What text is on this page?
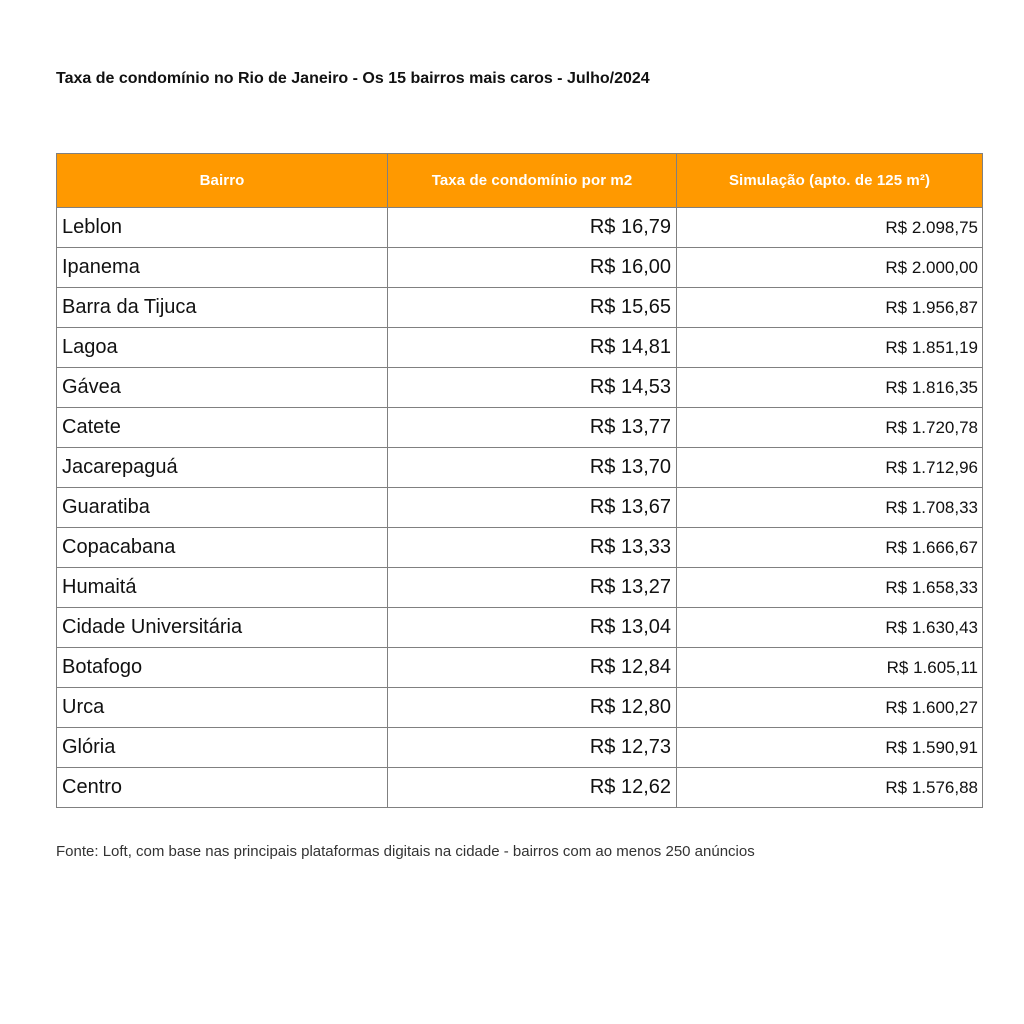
Taxa de condomínio no Rio de Janeiro - Os 15 bairros mais caros - Julho/2024
Bairro	Taxa de condomínio por m2	Simulação (apto. de 125 m²)
Leblon	R$ 16,79	R$ 2.098,75
Ipanema	R$ 16,00	R$ 2.000,00
Barra da Tijuca	R$ 15,65	R$ 1.956,87
Lagoa	R$ 14,81	R$ 1.851,19
Gávea	R$ 14,53	R$ 1.816,35
Catete	R$ 13,77	R$ 1.720,78
Jacarepaguá	R$ 13,70	R$ 1.712,96
Guaratiba	R$ 13,67	R$ 1.708,33
Copacabana	R$ 13,33	R$ 1.666,67
Humaitá	R$ 13,27	R$ 1.658,33
Cidade Universitária	R$ 13,04	R$ 1.630,43
Botafogo	R$ 12,84	R$ 1.605,11
Urca	R$ 12,80	R$ 1.600,27
Glória	R$ 12,73	R$ 1.590,91
Centro	R$ 12,62	R$ 1.576,88
Fonte: Loft, com base nas principais plataformas digitais na cidade - bairros com ao menos 250 anúncios
